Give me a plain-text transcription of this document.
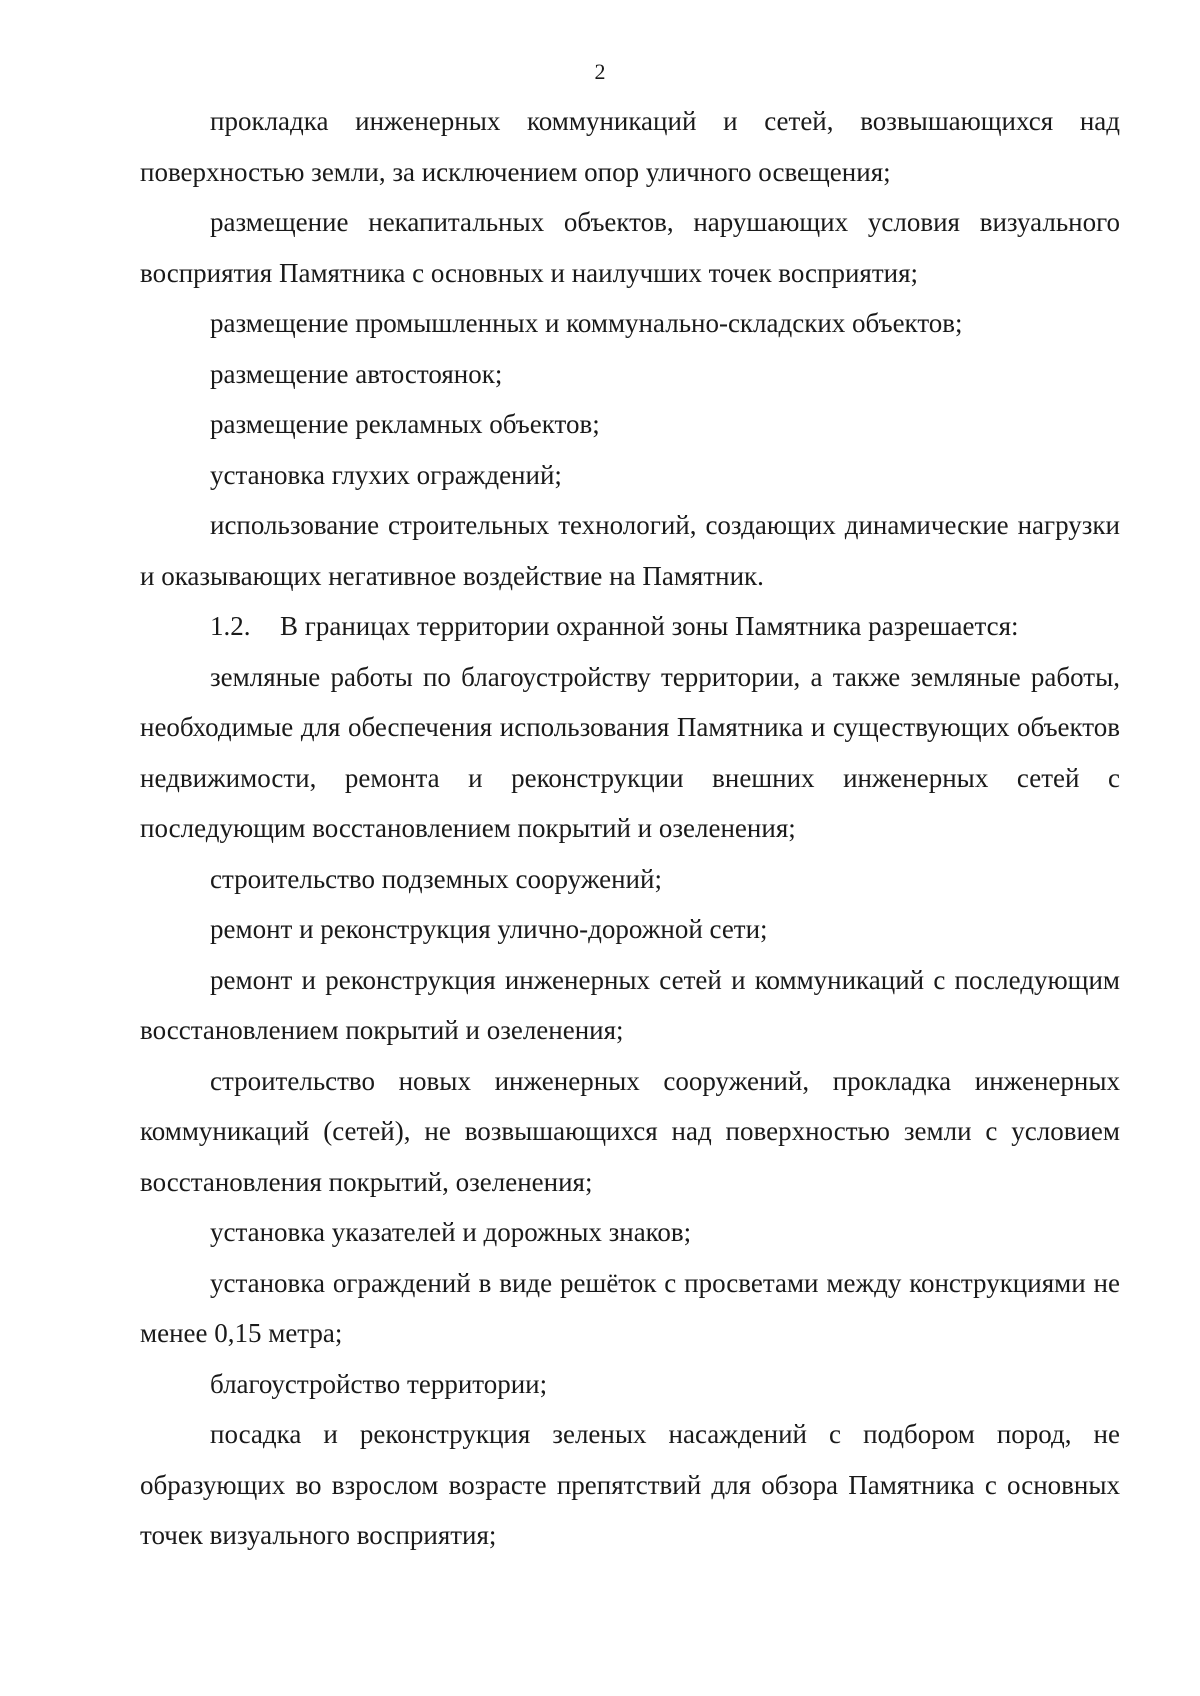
2

прокладка инженерных коммуникаций и сетей, возвышающихся над поверхностью земли, за исключением опор уличного освещения;

размещение некапитальных объектов, нарушающих условия визуального восприятия Памятника с основных и наилучших точек восприятия;

размещение промышленных и коммунально-складских объектов;

размещение автостоянок;

размещение рекламных объектов;

установка глухих ограждений;

использование строительных технологий, создающих динамические нагрузки и оказывающих негативное воздействие на Памятник.

1.2. В границах территории охранной зоны Памятника разрешается:

земляные работы по благоустройству территории, а также земляные работы, необходимые для обеспечения использования Памятника и существующих объектов недвижимости, ремонта и реконструкции внешних инженерных сетей с последующим восстановлением покрытий и озеленения;

строительство подземных сооружений;

ремонт и реконструкция улично-дорожной сети;

ремонт и реконструкция инженерных сетей и коммуникаций с последующим восстановлением покрытий и озеленения;

строительство новых инженерных сооружений, прокладка инженерных коммуникаций (сетей), не возвышающихся над поверхностью земли с условием восстановления покрытий, озеленения;

установка указателей и дорожных знаков;

установка ограждений в виде решёток с просветами между конструкциями не менее 0,15 метра;

благоустройство территории;

посадка и реконструкция зеленых насаждений с подбором пород, не образующих во взрослом возрасте препятствий для обзора Памятника с основных точек визуального восприятия;
